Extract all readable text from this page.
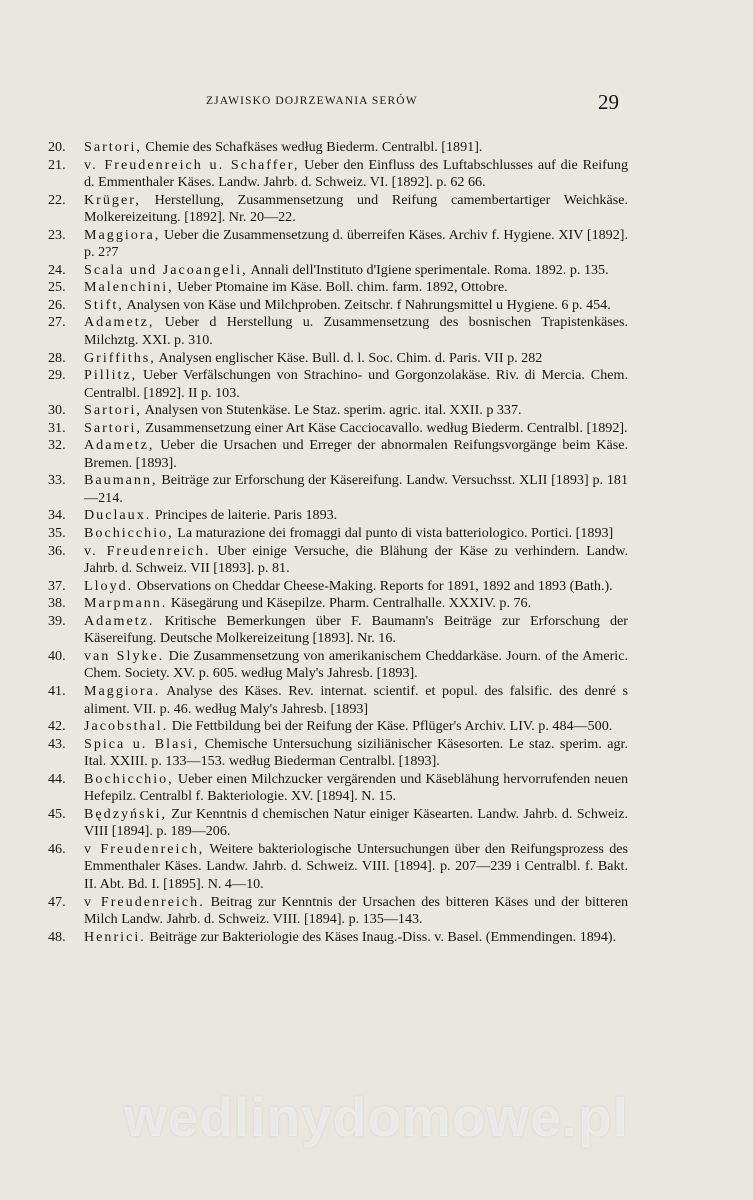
ZJAWISKO DOJRZEWANIA SERÓW	29
20. Sartori, Chemie des Schafkäses według Biederm. Centralbl. [1891].
21. v. Freudenreich u. Schaffer, Ueber den Einfluss des Luftabschlusses auf die Reifung d. Emmenthaler Käses. Landw. Jahrb. d. Schweiz. VI. [1892]. p. 62 66.
22. Krüger, Herstellung, Zusammensetzung und Reifung camembertartiger Weichkäse. Molkereizeitung. [1892]. Nr. 20—22.
23. Maggiora, Ueber die Zusammensetzung d. überreifen Käses. Archiv f. Hygiene. XIV [1892]. p. 2?7
24. Scala und Jacoangeli, Annali dell'Instituto d'Igiene sperimentale. Roma. 1892. p. 135.
25. Malenchini, Ueber Ptomaine im Käse. Boll. chim. farm. 1892, Ottobre.
26. Stift, Analysen von Käse und Milchproben. Zeitschr. f Nahrungsmittel u Hygiene. 6 p. 454.
27. Adametz, Ueber d Herstellung u. Zusammensetzung des bosnischen Trapistenkäses. Milchztg. XXI. p. 310.
28. Griffiths, Analysen englischer Käse. Bull. d. l. Soc. Chim. d. Paris. VII p. 282
29. Pillitz, Ueber Verfälschungen von Strachino- und Gorgonzolakäse. Riv. di Mercia. Chem. Centralbl. [1892]. II p. 103.
30. Sartori, Analysen von Stutenkäse. Le Staz. sperim. agric. ital. XXII. p 337.
31. Sartori, Zusammensetzung einer Art Käse Cacciocavallo. według Biederm. Centralbl. [1892].
32. Adametz, Ueber die Ursachen und Erreger der abnormalen Reifungsvorgänge beim Käse. Bremen. [1893].
33. Baumann, Beiträge zur Erforschung der Käsereifung. Landw. Versuchsst. XLII [1893] p. 181—214.
34. Duclaux. Principes de laiterie. Paris 1893.
35. Bochicchio, La maturazione dei fromaggi dal punto di vista batteriologico. Portici. [1893]
36. v. Freudenreich. Uber einige Versuche, die Blähung der Käse zu verhindern. Landw. Jahrb. d. Schweiz. VII [1893]. p. 81.
37. Lloyd. Observations on Cheddar Cheese-Making. Reports for 1891, 1892 and 1893 (Bath.).
38. Marpmann. Käsegärung und Käsepilze. Pharm. Centralhalle. XXXIV. p. 76.
39. Adametz. Kritische Bemerkungen über F. Baumann's Beiträge zur Erforschung der Käsereifung. Deutsche Molkereizeitung [1893]. Nr. 16.
40. van Slyke. Die Zusammensetzung von amerikanischem Cheddarkäse. Journ. of the Americ. Chem. Society. XV. p. 605. według Maly's Jahresb. [1893].
41. Maggiora. Analyse des Käses. Rev. internat. scientif. et popul. des falsific. des denré s aliment. VII. p. 46. według Maly's Jahresb. [1893]
42. Jacobsthal. Die Fettbildung bei der Reifung der Käse. Pflüger's Archiv. LIV. p. 484—500.
43. Spica u. Blasi, Chemische Untersuchung siziliänischer Käsesorten. Le staz. sperim. agr. Ital. XXIII. p. 133—153. według Biederman Centralbl. [1893].
44. Bochicchio, Ueber einen Milchzucker vergärenden und Käseblähung hervorrufenden neuen Hefepilz. Centralbl f. Bakteriologie. XV. [1894]. N. 15.
45. Będzyński, Zur Kenntnis d chemischen Natur einiger Käsearten. Landw. Jahrb. d. Schweiz. VIII [1894]. p. 189—206.
46. v Freudenreich, Weitere bakteriologische Untersuchungen über den Reifungsprozess des Emmenthaler Käses. Landw. Jahrb. d. Schweiz. VIII. [1894]. p. 207—239 i Centralbl. f. Bakt. II. Abt. Bd. I. [1895]. N. 4—10.
47. v Freudenreich. Beitrag zur Kenntnis der Ursachen des bitteren Käses und der bitteren Milch Landw. Jahrb. d. Schweiz. VIII. [1894]. p. 135—143.
48. Henrici. Beiträge zur Bakteriologie des Käses Inaug.-Diss. v. Basel. (Emmendingen. 1894).
wedlinydomowe.pl
